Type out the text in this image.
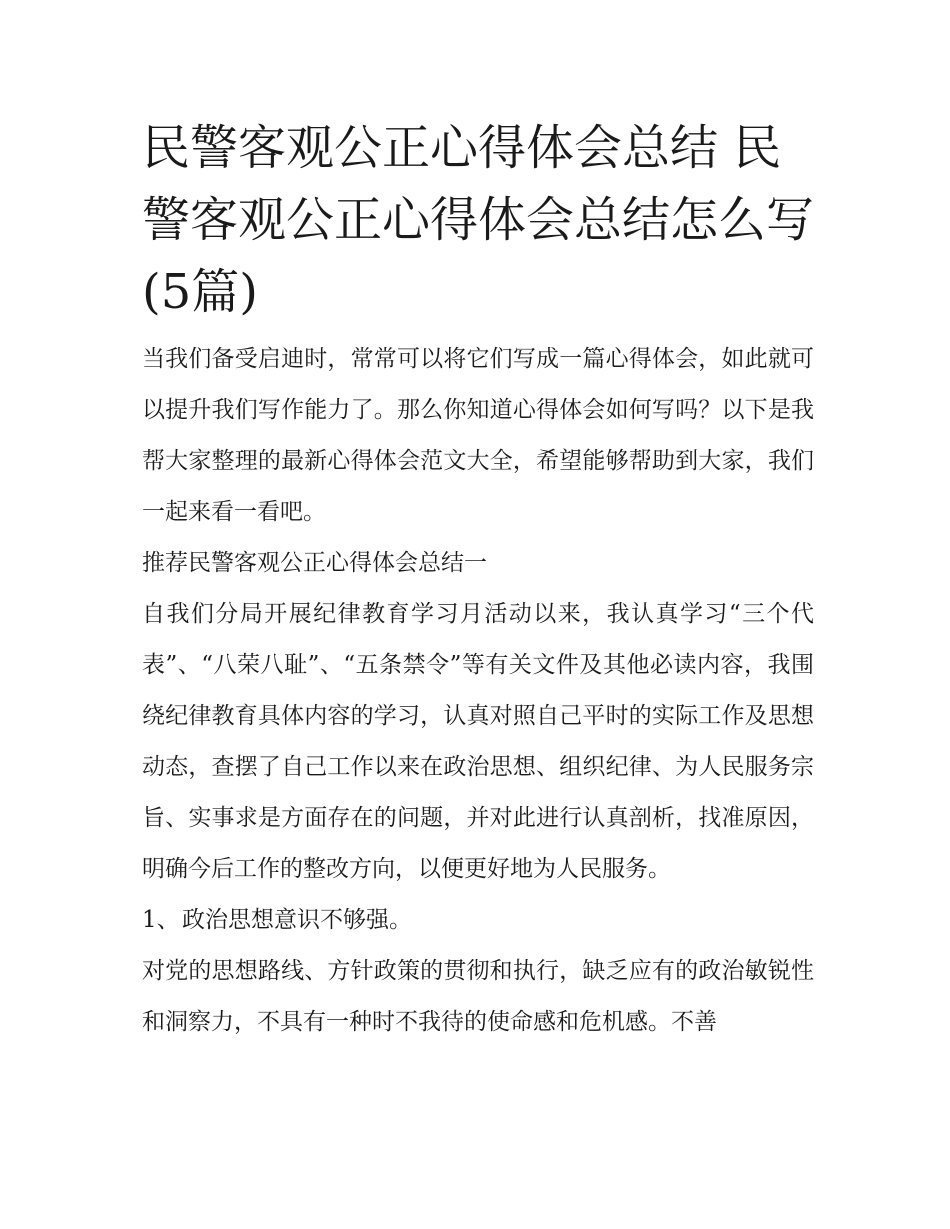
民警客观公正心得体会总结 民警客观公正心得体会总结怎么写(5篇)

当我们备受启迪时，常常可以将它们写成一篇心得体会，如此就可以提升我们写作能力了。那么你知道心得体会如何写吗？以下是我帮大家整理的最新心得体会范文大全，希望能够帮助到大家，我们一起来看一看吧。

推荐民警客观公正心得体会总结一

自我们分局开展纪律教育学习月活动以来，我认真学习“三个代表”、“八荣八耻”、“五条禁令”等有关文件及其他必读内容，我围绕纪律教育具体内容的学习，认真对照自己平时的实际工作及思想动态，查摆了自己工作以来在政治思想、组织纪律、为人民服务宗旨、实事求是方面存在的问题，并对此进行认真剖析，找准原因，明确今后工作的整改方向，以便更好地为人民服务。

1、 政治思想意识不够强。

对党的思想路线、方针政策的贯彻和执行，缺乏应有的政治敏锐性和洞察力，不具有一种时不我待的使命感和危机感。不善
